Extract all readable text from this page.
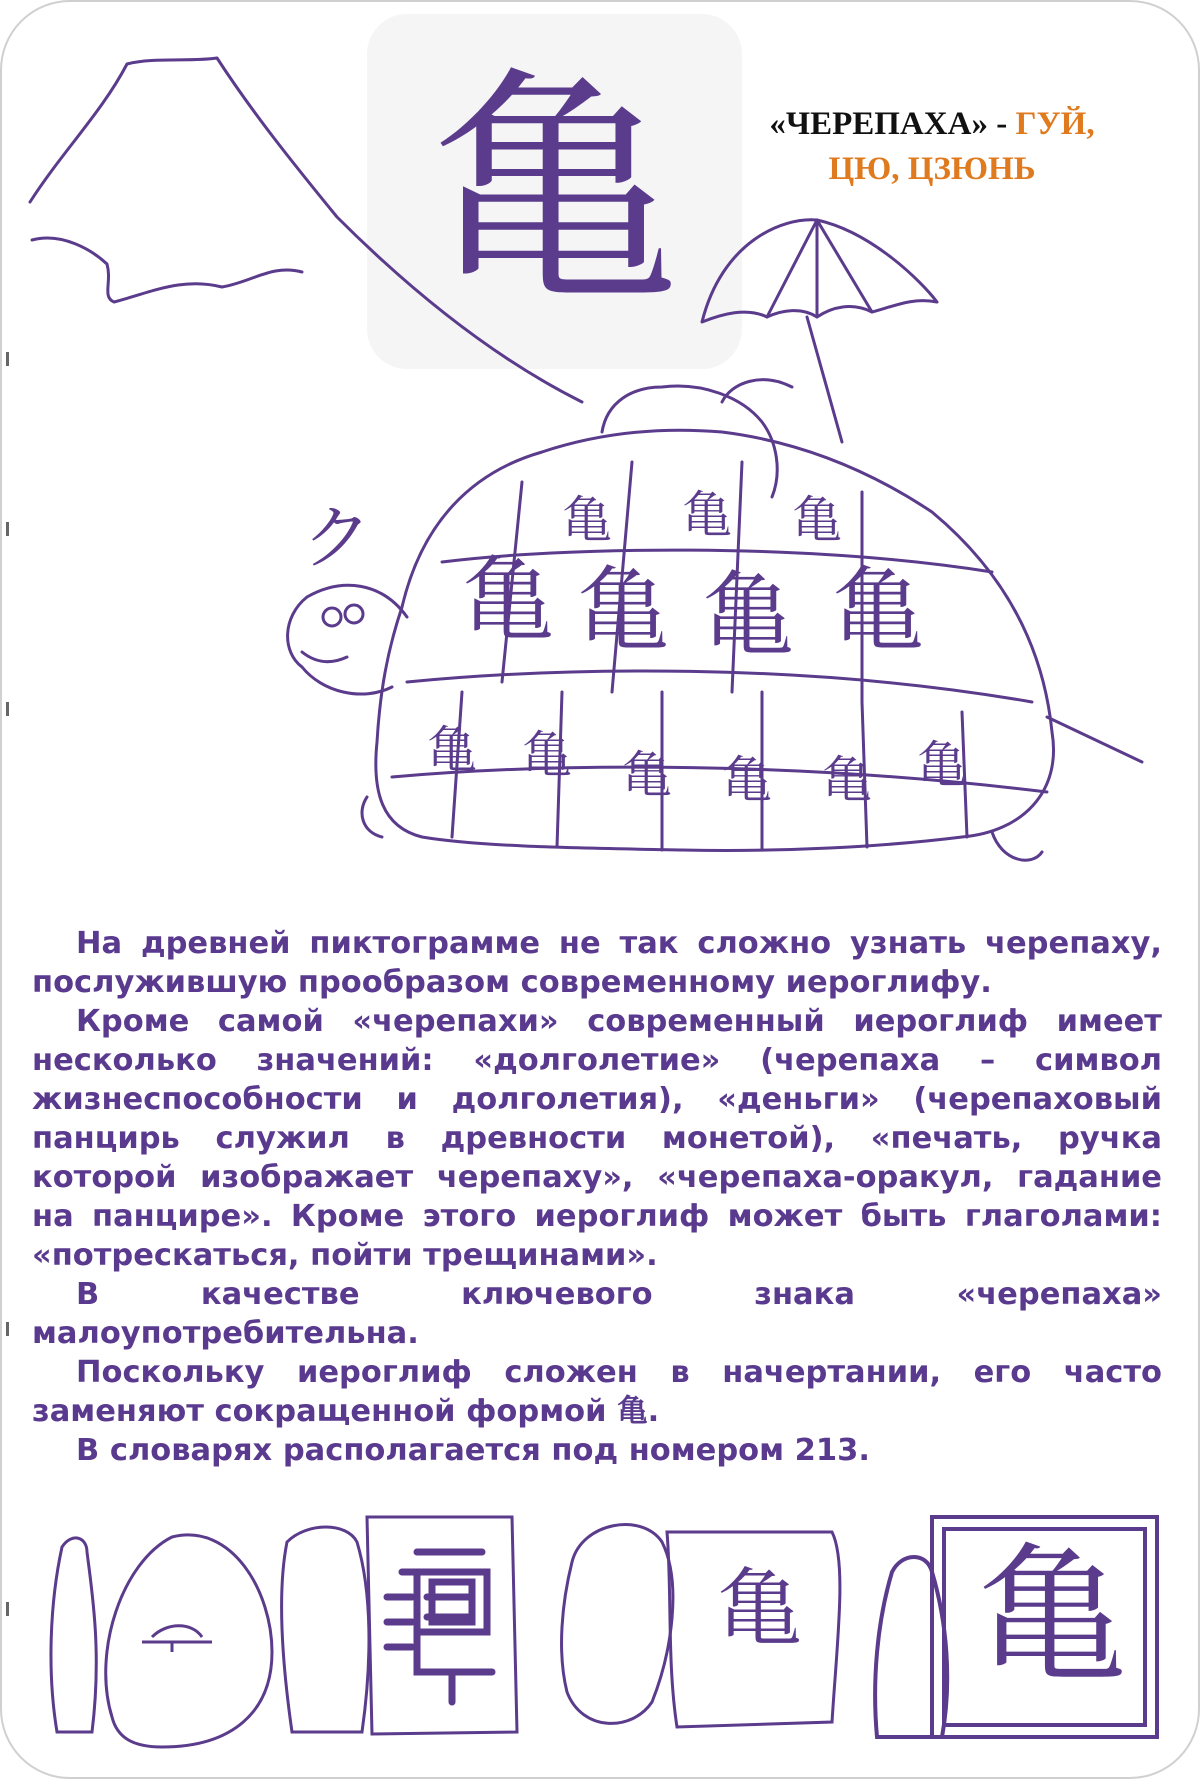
亀	«ЧЕРЕПАХА» - ГУЙ,
ЦЮ, ЦЗЮНЬ
亀 亀 亀 亀
亀 亀 亀
亀 亀 亀 亀 亀 亀
ク

На древней пиктограмме не так сложно узнать черепаху, послужившую прообразом современному иероглифу.

Кроме самой «черепахи» современный иероглиф имеет несколько значений: «долголетие» (черепаха – символ жизнеспособности и долголетия), «деньги» (черепаховый панцирь служил в древности монетой), «печать, ручка которой изображает черепаху», «черепаха-оракул, гадание на панцире». Кроме этого иероглиф может быть глаголами: «потрескаться, пойти трещинами».

В качестве ключевого знака «черепаха» малоупотребительна.

Поскольку иероглиф сложен в начертании, его часто заменяют сокращенной формой 亀.

В словарях располагается под номером 213.

亀 亀
